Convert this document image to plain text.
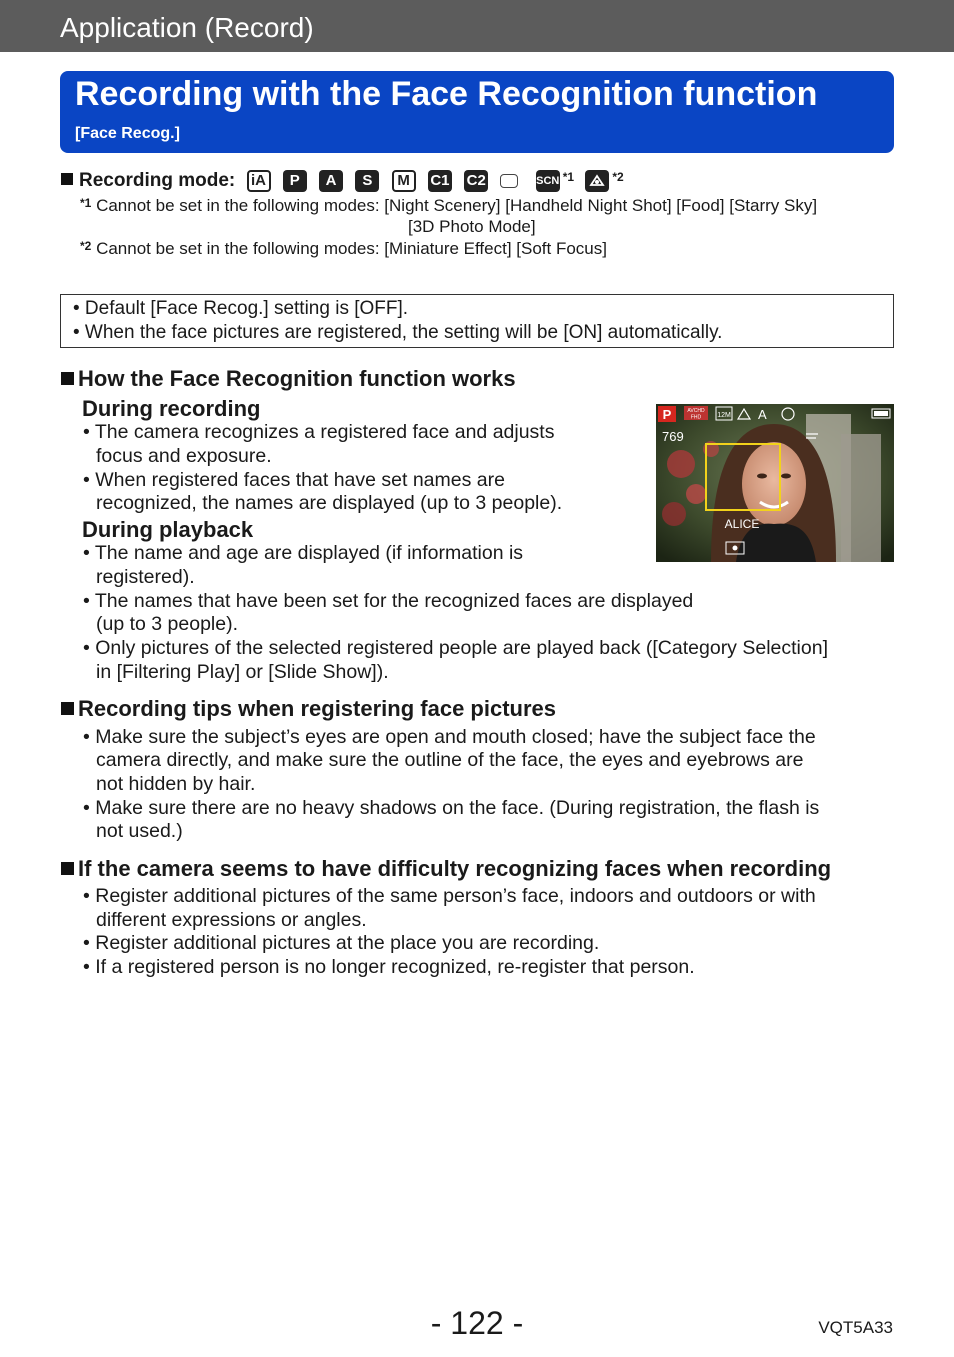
Application (Record)
Recording with the Face Recognition function
[Face Recog.]
Recording mode: iA P A S M C1 C2	SCN $^{*1}$	$^{*2}$
$^{*1}$ Cannot be set in the following modes: [Night Scenery] [Handheld Night Shot] [Food] [Starry Sky]
[3D Photo Mode]
$^{*2}$ Cannot be set in the following modes: [Miniature Effect] [Soft Focus]
• Default [Face Recog.] setting is [OFF].
• When the face pictures are registered, the setting will be [ON] automatically.
How the Face Recognition function works
During recording
• The camera recognizes a registered face and adjusts
focus and exposure.
• When registered faces that have set names are
recognized, the names are displayed (up to 3 people).
During playback
• The name and age are displayed (if information is
registered).
• The names that have been set for the recognized faces are displayed
(up to 3 people).
• Only pictures of the selected registered people are played back ([Category Selection]
in [Filtering Play] or [Slide Show]).
P	AVCHD
FHD 12M A
769
ALICE
Recording tips when registering face pictures
• Make sure the subject’s eyes are open and mouth closed; have the subject face the
camera directly, and make sure the outline of the face, the eyes and eyebrows are
not hidden by hair.
• Make sure there are no heavy shadows on the face. (During registration, the flash is
not used.)
If the camera seems to have difficulty recognizing faces when recording
• Register additional pictures of the same person’s face, indoors and outdoors or with
different expressions or angles.
• Register additional pictures at the place you are recording.
• If a registered person is no longer recognized, re-register that person.
- 122 -	VQT5A33
